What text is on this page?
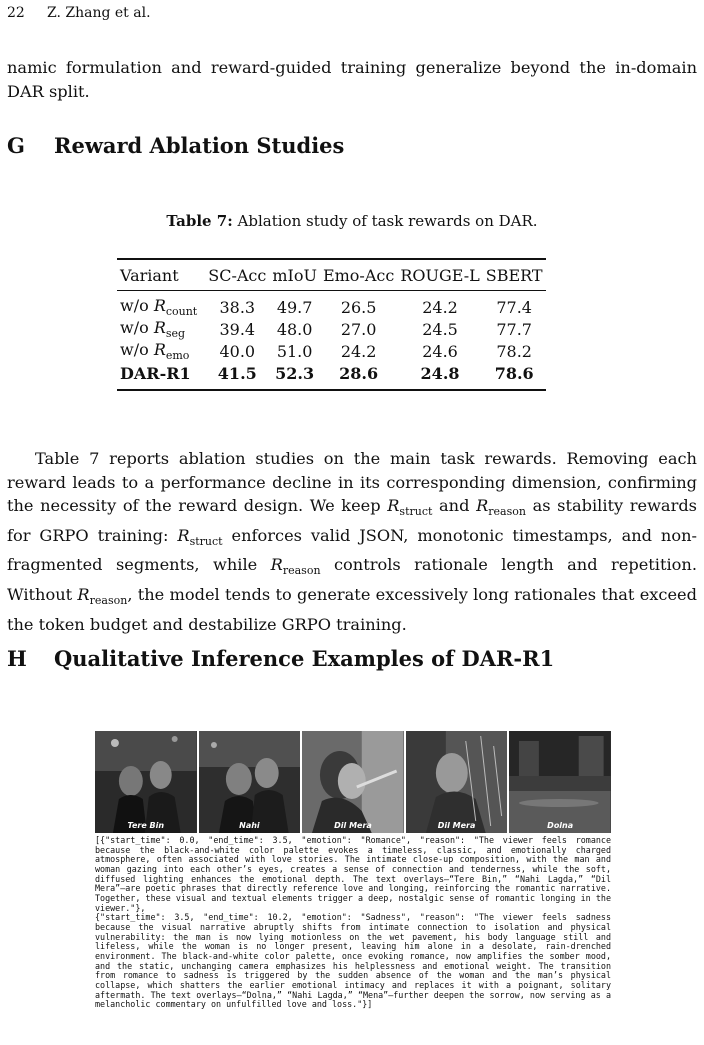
22 Z. Zhang et al.
namic formulation and reward-guided training generalize beyond the in-domain DAR split.
G Reward Ablation Studies
Table 7: Ablation study of task rewards on DAR.
Variant	SC-Acc	mIoU	Emo-Acc	ROUGE-L	SBERT
w/o $R_{count}$	38.3	49.7	26.5	24.2	77.4
w/o $R_{seg}$	39.4	48.0	27.0	24.5	77.7
w/o $R_{emo}$	40.0	51.0	24.2	24.6	78.2
DAR-R1	41.5	52.3	28.6	24.8	78.6
Table 7 reports ablation studies on the main task rewards. Removing each reward leads to a performance decline in its corresponding dimension, confirming the necessity of the reward design. We keep $R_{struct}$ and $R_{reason}$ as stability rewards for GRPO training: $R_{struct}$ enforces valid JSON, monotonic timestamps, and non-fragmented segments, while $R_{reason}$ controls rationale length and repetition. Without $R_{reason}$, the model tends to generate excessively long rationales that exceed the token budget and destabilize GRPO training.
H Qualitative Inference Examples of DAR-R1
Tere Bin	Nahi	Dil Mera	Dil Mera	Dolna
[{"start_time": 0.0, "end_time": 3.5, "emotion": "Romance", "reason": "The viewer feels romance because the black-and-white color palette evokes a timeless, classic, and emotionally charged atmosphere, often associated with love stories. The intimate close-up composition, with the man and woman gazing into each other’s eyes, creates a sense of connection and tenderness, while the soft, diffused lighting enhances the emotional depth. The text overlays—“Tere Bin,” “Nahi Lagda,” “Dil Mera”—are poetic phrases that directly reference love and longing, reinforcing the romantic narrative. Together, these visual and textual elements trigger a deep, nostalgic sense of romantic longing in the viewer."},
{"start_time": 3.5, "end_time": 10.2, "emotion": "Sadness", "reason": "The viewer feels sadness because the visual narrative abruptly shifts from intimate connection to isolation and physical vulnerability: the man is now lying motionless on the wet pavement, his body language still and lifeless, while the woman is no longer present, leaving him alone in a desolate, rain-drenched environment. The black-and-white color palette, once evoking romance, now amplifies the somber mood, and the static, unchanging camera emphasizes his helplessness and emotional weight. The transition from romance to sadness is triggered by the sudden absence of the woman and the man’s physical collapse, which shatters the earlier emotional intimacy and replaces it with a poignant, solitary aftermath. The text overlays—“Dolna,” “Nahi Lagda,” “Mena”—further deepen the sorrow, now serving as a melancholic commentary on unfulfilled love and loss."}]
